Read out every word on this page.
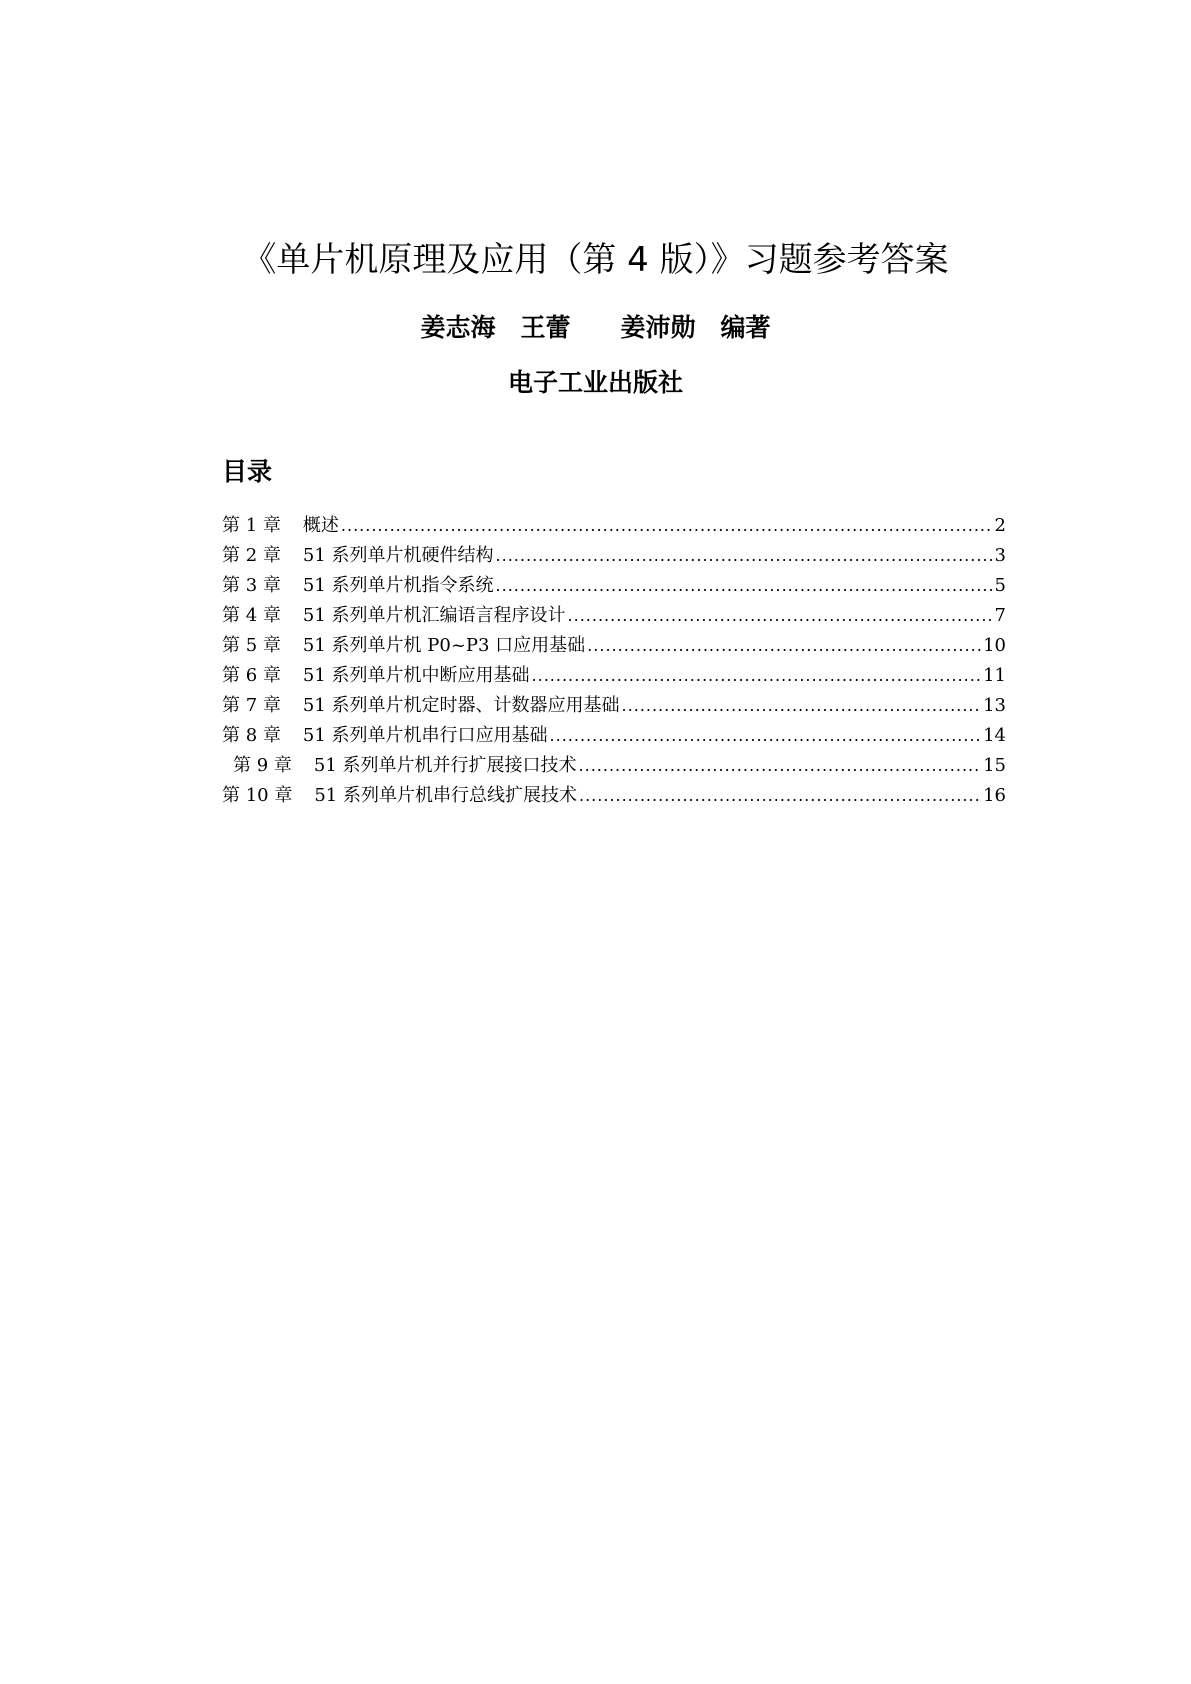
《单片机原理及应用（第 4 版）》习题参考答案
姜志海　王蕾　　姜沛勋　编著
电子工业出版社
目录
第 1 章 概述 .....	2
第 2 章 51 系列单片机硬件结构 .....	3
第 3 章 51 系列单片机指令系统 .....	5
第 4 章 51 系列单片机汇编语言程序设计 .....	7
第 5 章 51 系列单片机 P0~P3 口应用基础 .....	10
第 6 章 51 系列单片机中断应用基础 .....	11
第 7 章 51 系列单片机定时器、计数器应用基础 .....	13
第 8 章 51 系列单片机串行口应用基础 .....	14
第 9 章 51 系列单片机并行扩展接口技术 .....	15
第 10 章 51 系列单片机串行总线扩展技术 .....	16
